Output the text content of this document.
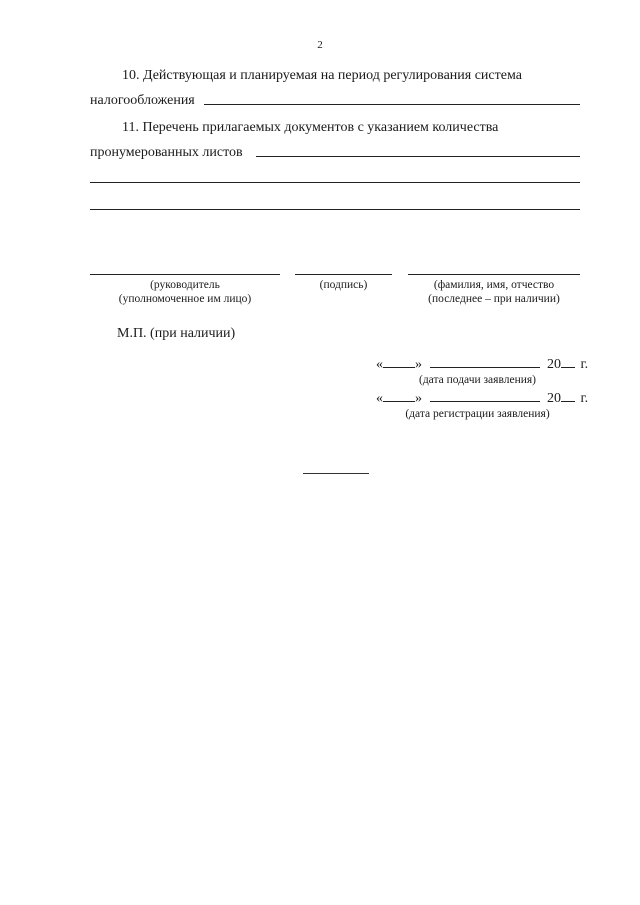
2
10. Действующая и планируемая на период регулирования система
налогообложения
11. Перечень прилагаемых документов с указанием количества
пронумерованных листов
(руководитель
(уполномоченное им лицо)
(подпись)	(фамилия, имя, отчество
(последнее – при наличии)
М.П. (при наличии)
« »	20 г.
(дата подачи заявления)
« »	20 г.
(дата регистрации заявления)
